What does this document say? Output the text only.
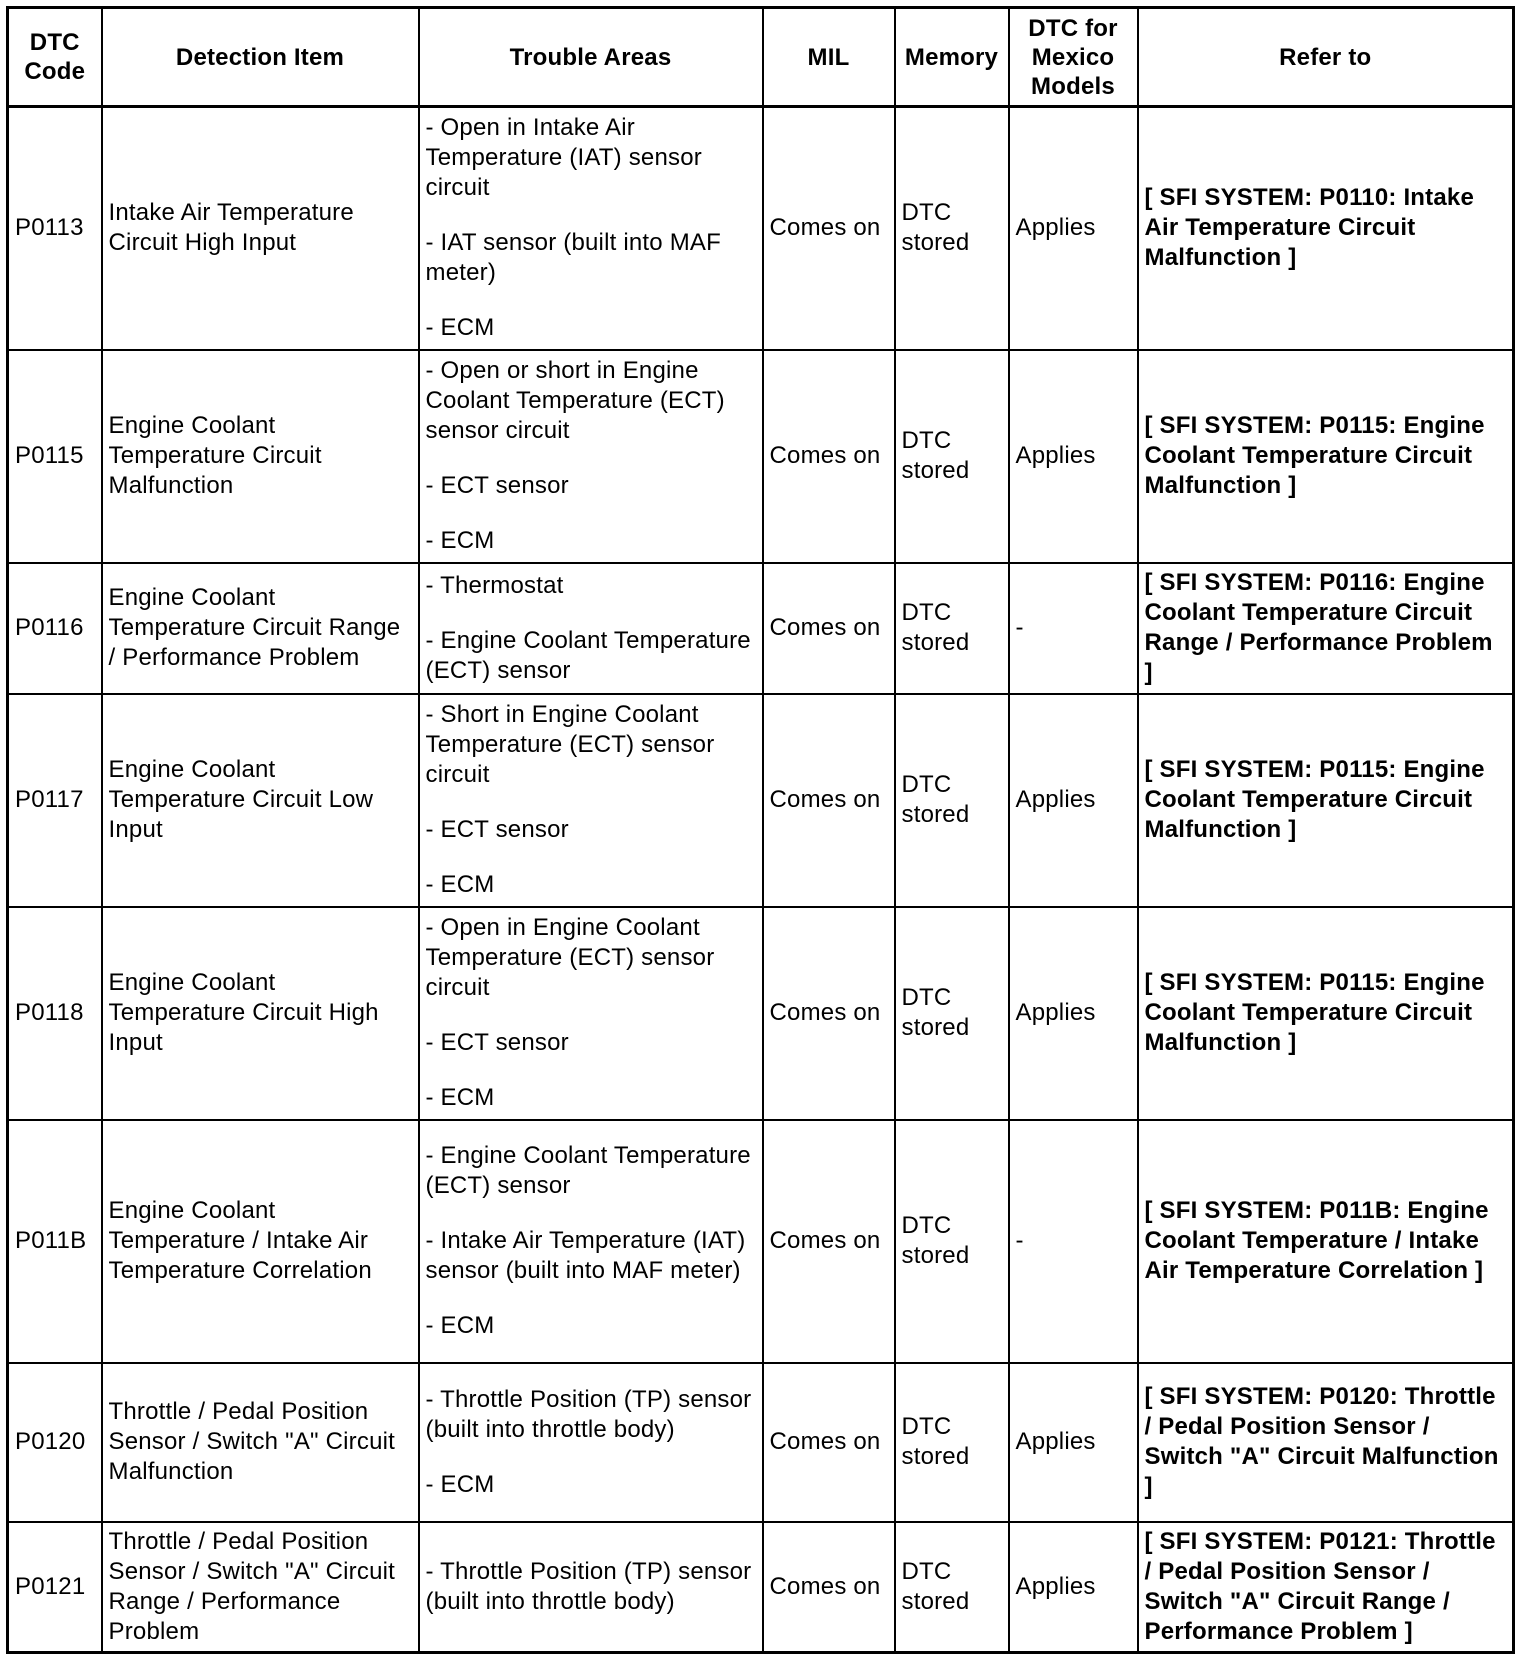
DTC Code	Detection Item	Trouble Areas	MIL	Memory	DTC for Mexico Models	Refer to
P0113	Intake Air Temperature Circuit High Input	- Open in Intake Air Temperature (IAT) sensor circuit
- IAT sensor (built into MAF meter)
- ECM	Comes on	DTC stored	Applies	[ SFI SYSTEM: P0110: Intake Air Temperature Circuit Malfunction ]
P0115	Engine Coolant Temperature Circuit Malfunction	- Open or short in Engine Coolant Temperature (ECT) sensor circuit
- ECT sensor
- ECM	Comes on	DTC stored	Applies	[ SFI SYSTEM: P0115: Engine Coolant Temperature Circuit Malfunction ]
P0116	Engine Coolant Temperature Circuit Range / Performance Problem	- Thermostat
- Engine Coolant Temperature (ECT) sensor	Comes on	DTC stored	-	[ SFI SYSTEM: P0116: Engine Coolant Temperature Circuit Range / Performance Problem ]
P0117	Engine Coolant Temperature Circuit Low Input	- Short in Engine Coolant Temperature (ECT) sensor circuit
- ECT sensor
- ECM	Comes on	DTC stored	Applies	[ SFI SYSTEM: P0115: Engine Coolant Temperature Circuit Malfunction ]
P0118	Engine Coolant Temperature Circuit High Input	- Open in Engine Coolant Temperature (ECT) sensor circuit
- ECT sensor
- ECM	Comes on	DTC stored	Applies	[ SFI SYSTEM: P0115: Engine Coolant Temperature Circuit Malfunction ]
P011B	Engine Coolant Temperature / Intake Air Temperature Correlation	- Engine Coolant Temperature (ECT) sensor
- Intake Air Temperature (IAT) sensor (built into MAF meter)
- ECM	Comes on	DTC stored	-	[ SFI SYSTEM: P011B: Engine Coolant Temperature / Intake Air Temperature Correlation ]
P0120	Throttle / Pedal Position Sensor / Switch "A" Circuit Malfunction	- Throttle Position (TP) sensor (built into throttle body)
- ECM	Comes on	DTC stored	Applies	[ SFI SYSTEM: P0120: Throttle / Pedal Position Sensor / Switch "A" Circuit Malfunction ]
P0121	Throttle / Pedal Position Sensor / Switch "A" Circuit Range / Performance Problem	- Throttle Position (TP) sensor (built into throttle body)	Comes on	DTC stored	Applies	[ SFI SYSTEM: P0121: Throttle / Pedal Position Sensor / Switch "A" Circuit Range / Performance Problem ]
